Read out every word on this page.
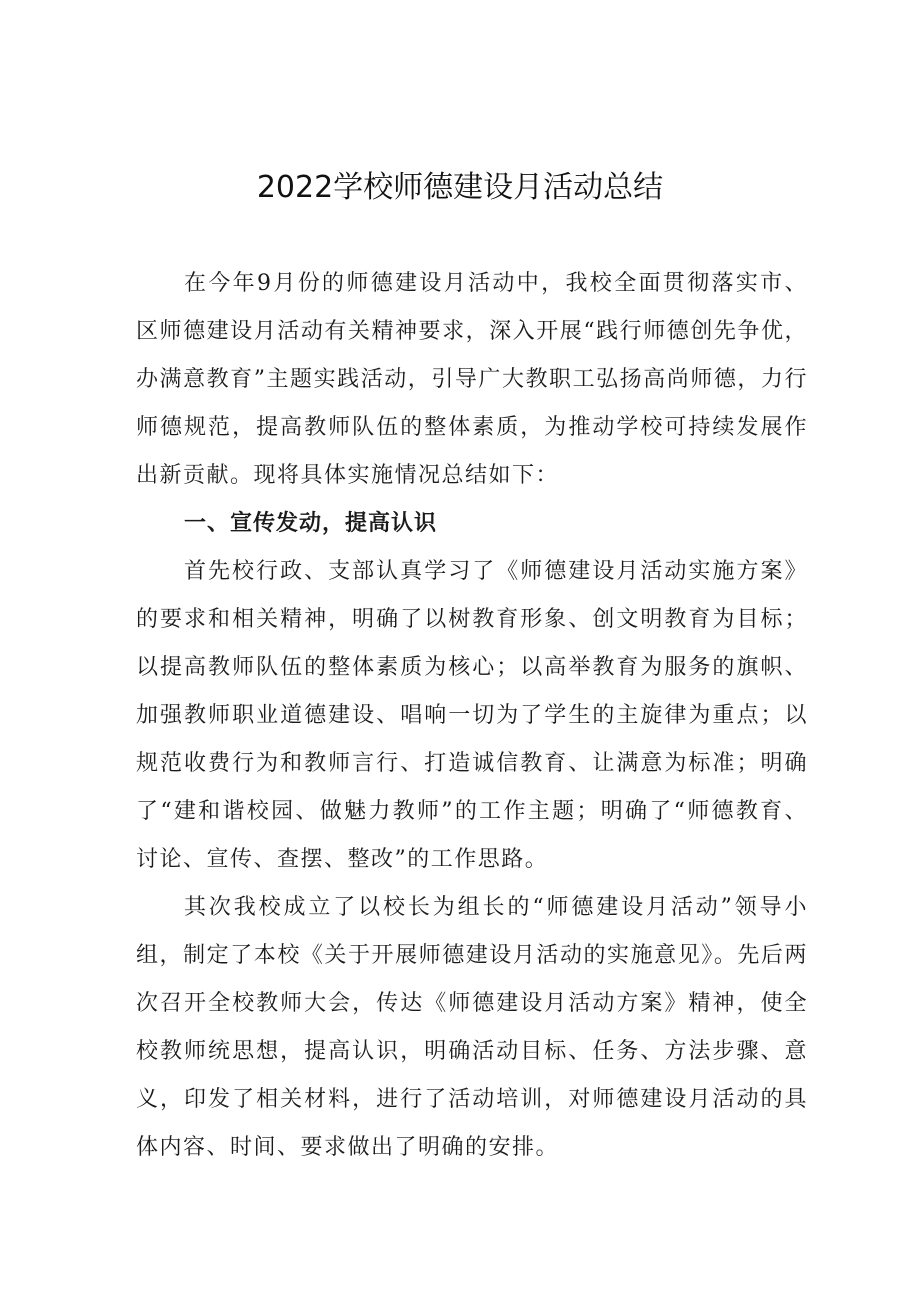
2022学校师德建设月活动总结

在今年9月份的师德建设月活动中，我校全面贯彻落实市、区师德建设月活动有关精神要求，深入开展“践行师德创先争优，办满意教育”主题实践活动，引导广大教职工弘扬高尚师德，力行师德规范，提高教师队伍的整体素质，为推动学校可持续发展作出新贡献。现将具体实施情况总结如下：

一、宣传发动，提高认识

首先校行政、支部认真学习了《师德建设月活动实施方案》的要求和相关精神，明确了以树教育形象、创文明教育为目标；以提高教师队伍的整体素质为核心；以高举教育为服务的旗帜、加强教师职业道德建设、唱响一切为了学生的主旋律为重点；以规范收费行为和教师言行、打造诚信教育、让满意为标准；明确了“建和谐校园、做魅力教师”的工作主题；明确了“师德教育、讨论、宣传、查摆、整改”的工作思路。

其次我校成立了以校长为组长的“师德建设月活动”领导小组，制定了本校《关于开展师德建设月活动的实施意见》。先后两次召开全校教师大会，传达《师德建设月活动方案》精神，使全校教师统思想，提高认识，明确活动目标、任务、方法步骤、意义，印发了相关材料，进行了活动培训，对师德建设月活动的具体内容、时间、要求做出了明确的安排。
